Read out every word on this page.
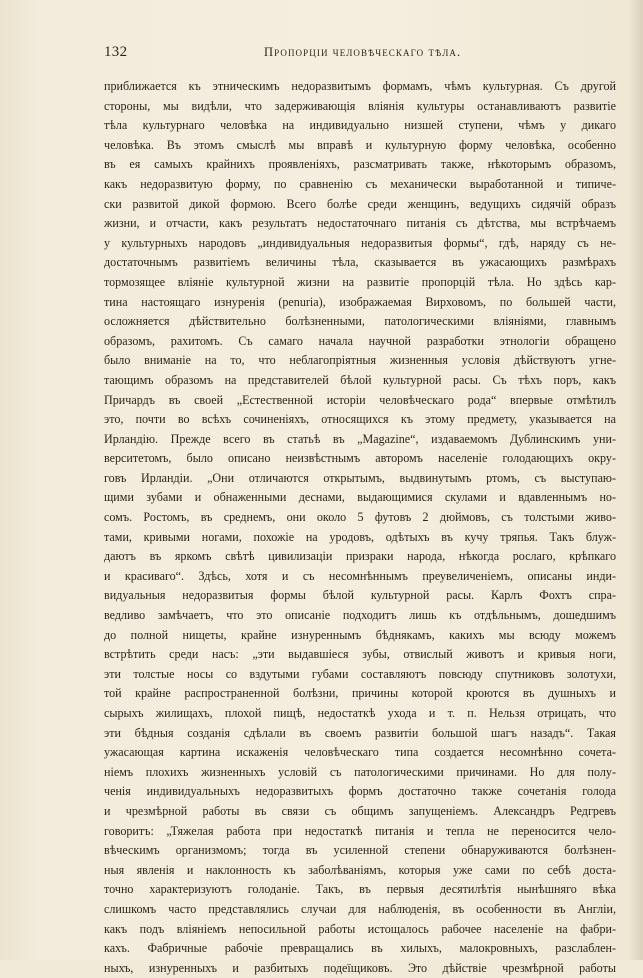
132	Пропорціи человѣческаго тѣла.
приближается къ этническимъ недоразвитымъ формамъ, чѣмъ культурная. Съ другой
стороны, мы видѣли, что задерживающія вліянія культуры останавливаютъ развитіе
тѣла культурнаго человѣка на индивидуально низшей ступени, чѣмъ у дикаго
человѣка. Въ этомъ смыслѣ мы вправѣ и культурную форму человѣка, особенно
въ ея самыхъ крайнихъ проявленіяхъ, разсматривать также, нѣкоторымъ образомъ,
какъ недоразвитую форму, по сравненію съ механически выработанной и типиче-
ски развитой дикой формою. Всего болѣе среди женщинъ, ведущихъ сидячій образъ
жизни, и отчасти, какъ результатъ недостаточнаго питанія съ дѣтства, мы встрѣчаемъ
у культурныхъ народовъ „индивидуальныя недоразвитыя формы“, гдѣ, наряду съ не-
достаточнымъ развитіемъ величины тѣла, сказывается въ ужасающихъ размѣрахъ
тормозящее вліяніе культурной жизни на развитіе пропорцій тѣла. Но здѣсь кар-
тина настоящаго изнуренія (penuria), изображаемая Вирховомъ, по большей части,
осложняется дѣйствительно болѣзненными, патологическими вліяніями, главнымъ
образомъ, рахитомъ. Съ самаго начала научной разработки этнологіи обращено
было вниманіе на то, что неблагопріятныя жизненныя условія дѣйствуютъ угнe-
тающимъ образомъ на представителей бѣлой культурной расы. Съ тѣхъ поръ, какъ
Причардъ въ своей „Естественной исторіи человѣческаго рода“ впервые отмѣтилъ
это, почти во всѣхъ сочиненіяхъ, относящихся къ этому предмету, указывается на
Ирландію. Прежде всего въ статьѣ въ „Magazine“, издаваемомъ Дублинскимъ уни-
верситетомъ, было описано неизвѣстнымъ авторомъ населеніе голодающихъ окру-
говъ Ирландіи. „Они отличаются открытымъ, выдвинутымъ ртомъ, съ выступаю-
щими зубами и обнаженными деснами, выдающимися скулами и вдавленнымъ но-
сомъ. Ростомъ, въ среднемъ, они около 5 футовъ 2 дюймовъ, съ толстыми живо-
тами, кривыми ногами, похожіе на уродовъ, одѣтыхъ въ кучу тряпья. Такъ блуж-
даютъ въ яркомъ свѣтѣ цивилизаціи призраки народа, нѣкогда рослаго, крѣпкаго
и красиваго“. Здѣсь, хотя и съ несомнѣннымъ преувеличеніемъ, описаны инди-
видуальныя недоразвитыя формы бѣлой культурной расы. Карлъ Фохтъ спра-
ведливо замѣчаетъ, что это описаніе подходитъ лишь къ отдѣльнымъ, дошедшимъ
до полной нищеты, крайне изнуреннымъ бѣднякамъ, какихъ мы всюду можемъ
встрѣтить среди насъ: „эти выдавшіеся зубы, отвислый животъ и кривыя ноги,
эти толстые носы со вздутыми губами составляютъ повсюду спутниковъ золотухи,
той крайне распространенной болѣзни, причины которой кроются въ душныхъ и
сырыхъ жилищахъ, плохой пищѣ, недостаткѣ ухода и т. п. Нельзя отрицать, что
эти бѣдныя созданія сдѣлали въ своемъ развитіи большой шагъ назадъ“. Такая
ужасающая картина искаженія человѣческаго типа создается несомнѣнно сочета-
ніемъ плохихъ жизненныхъ условій съ патологическими причинами. Но для полу-
ченія индивидуальныхъ недоразвитыхъ формъ достаточно также сочетанія голода
и чрезмѣрной работы въ связи съ общимъ запущеніемъ. Александръ Редгревъ
говоритъ: „Тяжелая работа при недостаткѣ питанія и тепла не переносится чело-
вѣческимъ организмомъ; тогда въ усиленной степени обнаруживаются болѣзнен-
ныя явленія и наклонность къ заболѣваніямъ, которыя уже сами по себѣ доста-
точно характеризуютъ голоданіе. Такъ, въ первыя десятилѣтія нынѣшняго вѣка
слишкомъ часто представлялись случаи для наблюденія, въ особенности въ Англіи,
какъ подъ вліяніемъ непосильной работы истощалось рабочее населеніе на фабри-
кахъ. Фабричные рабочіе превращались въ хилыхъ, малокровныхъ, разслаблен-
ныхъ, изнуренныхъ и разбитыхъ подеїщиковъ. Это дѣйствіе чрезмѣрной работы
